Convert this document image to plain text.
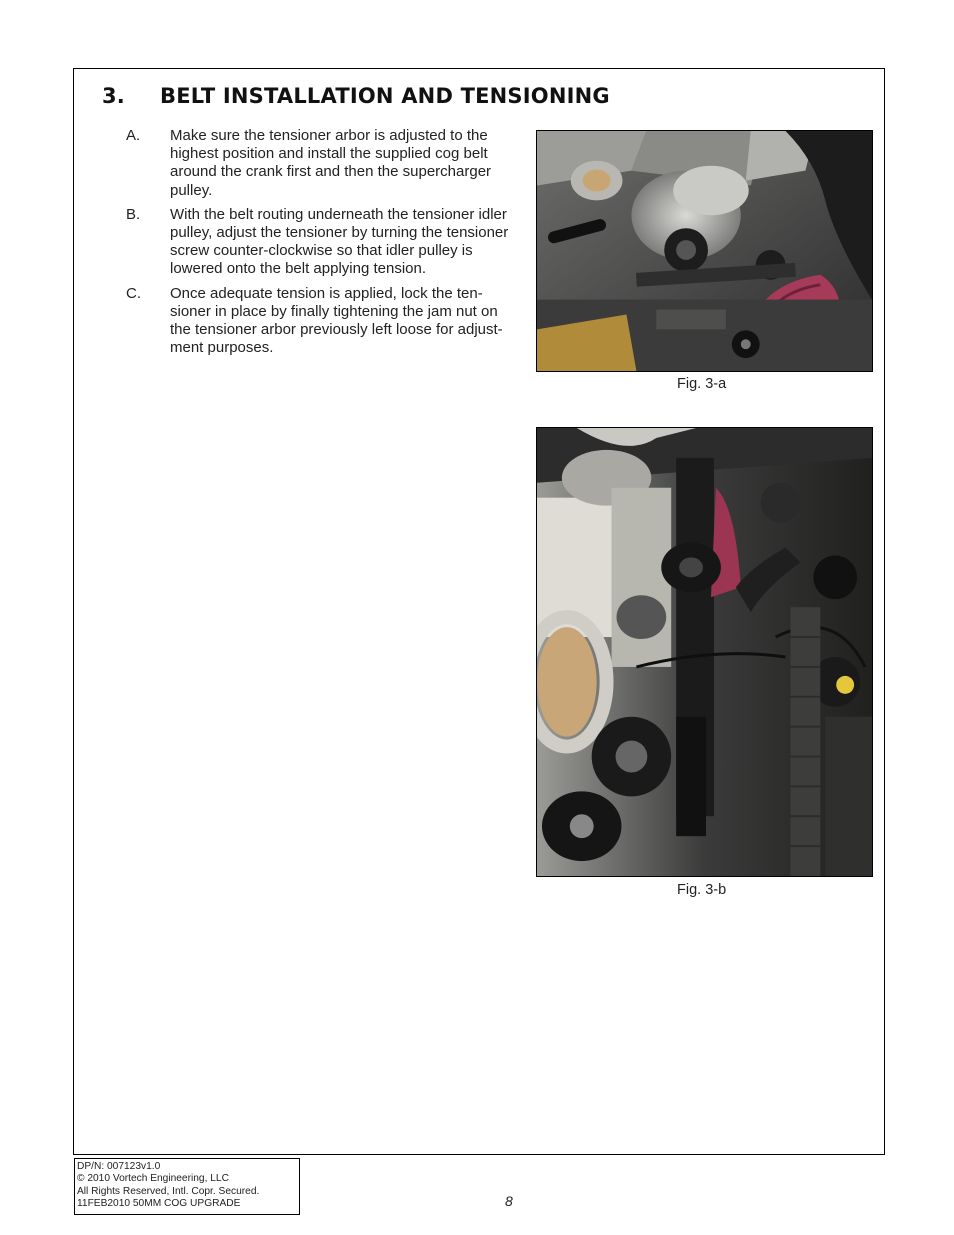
3. BELT INSTALLATION AND TENSIONING
A.	Make sure the tensioner arbor is adjusted to the highest position and install the supplied cog belt around the crank first and then the supercharger pulley.
B.	With the belt routing underneath the tensioner idler pulley, adjust the tensioner by turning the tensioner screw counter-clockwise so that idler pulley is lowered onto the belt applying tension.
C.	Once adequate tension is applied, lock the ten-sioner in place by finally tightening the jam nut on the tensioner arbor previously left loose for adjust-ment purposes.
Fig. 3-a
Fig. 3-b
DP/N: 007123v1.0
© 2010 Vortech Engineering, LLC
All Rights Reserved, Intl. Copr. Secured.
11FEB2010 50MM COG UPGRADE	8
